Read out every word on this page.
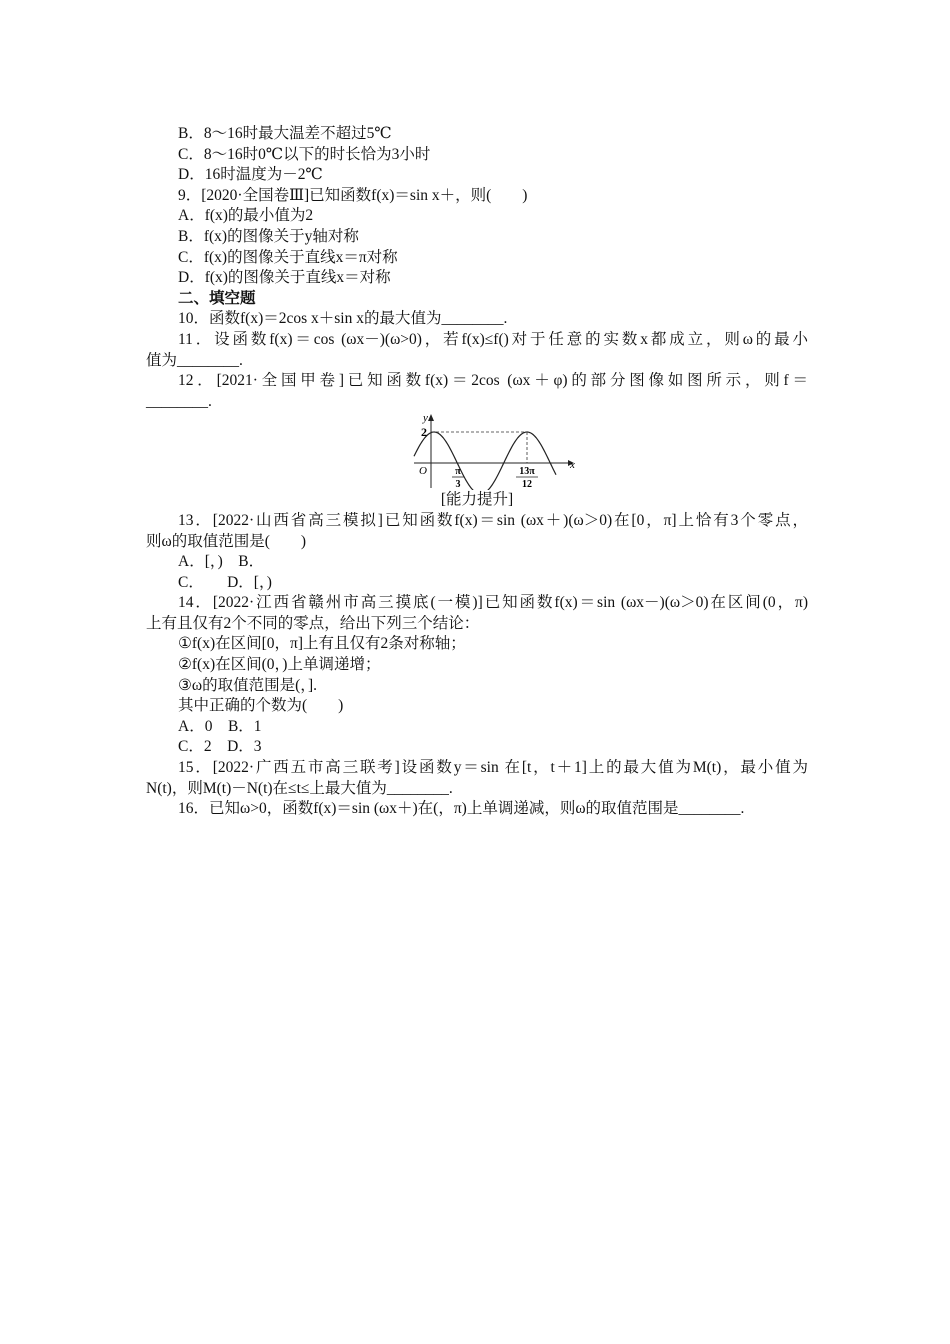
B．8～16时最大温差不超过5℃
C．8～16时0℃以下的时长恰为3小时
D．16时温度为－2℃
9．[2020·全国卷Ⅲ]已知函数f(x)＝sin x＋，则(　　)
A．f(x)的最小值为2
B．f(x)的图像关于y轴对称
C．f(x)的图像关于直线x＝π对称
D．f(x)的图像关于直线x＝对称
二、填空题
10．函数f(x)＝2cos x＋sin x的最大值为________.
11．设函数f(x)＝cos (ωx－)(ω>0)，若f(x)≤f()对于任意的实数x都成立，则ω的最小
值为________.
12．[2021·全国甲卷]已知函数f(x)＝2cos (ωx＋φ)的部分图像如图所示，则f＝
________.
y
x
O
2
π
3
13π
12
[能力提升]
13．[2022·山西省高三模拟]已知函数f(x)＝sin (ωx＋)(ω＞0)在[0，π]上恰有3个零点，
则ω的取值范围是(　　)
A．[，)　B．
C．　　D．[，)
14．[2022·江西省赣州市高三摸底(一模)]已知函数f(x)＝sin (ωx－)(ω＞0)在区间(0，π)
上有且仅有2个不同的零点，给出下列三个结论：
①f(x)在区间[0，π]上有且仅有2条对称轴；
②f(x)在区间(0，)上单调递增；
③ω的取值范围是(，].
其中正确的个数为(　　)
A．0　B．1
C．2　D．3
15．[2022·广西五市高三联考]设函数y＝sin 在[t，t＋1]上的最大值为M(t)，最小值为
N(t)，则M(t)－N(t)在≤t≤上最大值为________.
16．已知ω>0，函数f(x)＝sin (ωx＋)在(，π)上单调递减，则ω的取值范围是________.
